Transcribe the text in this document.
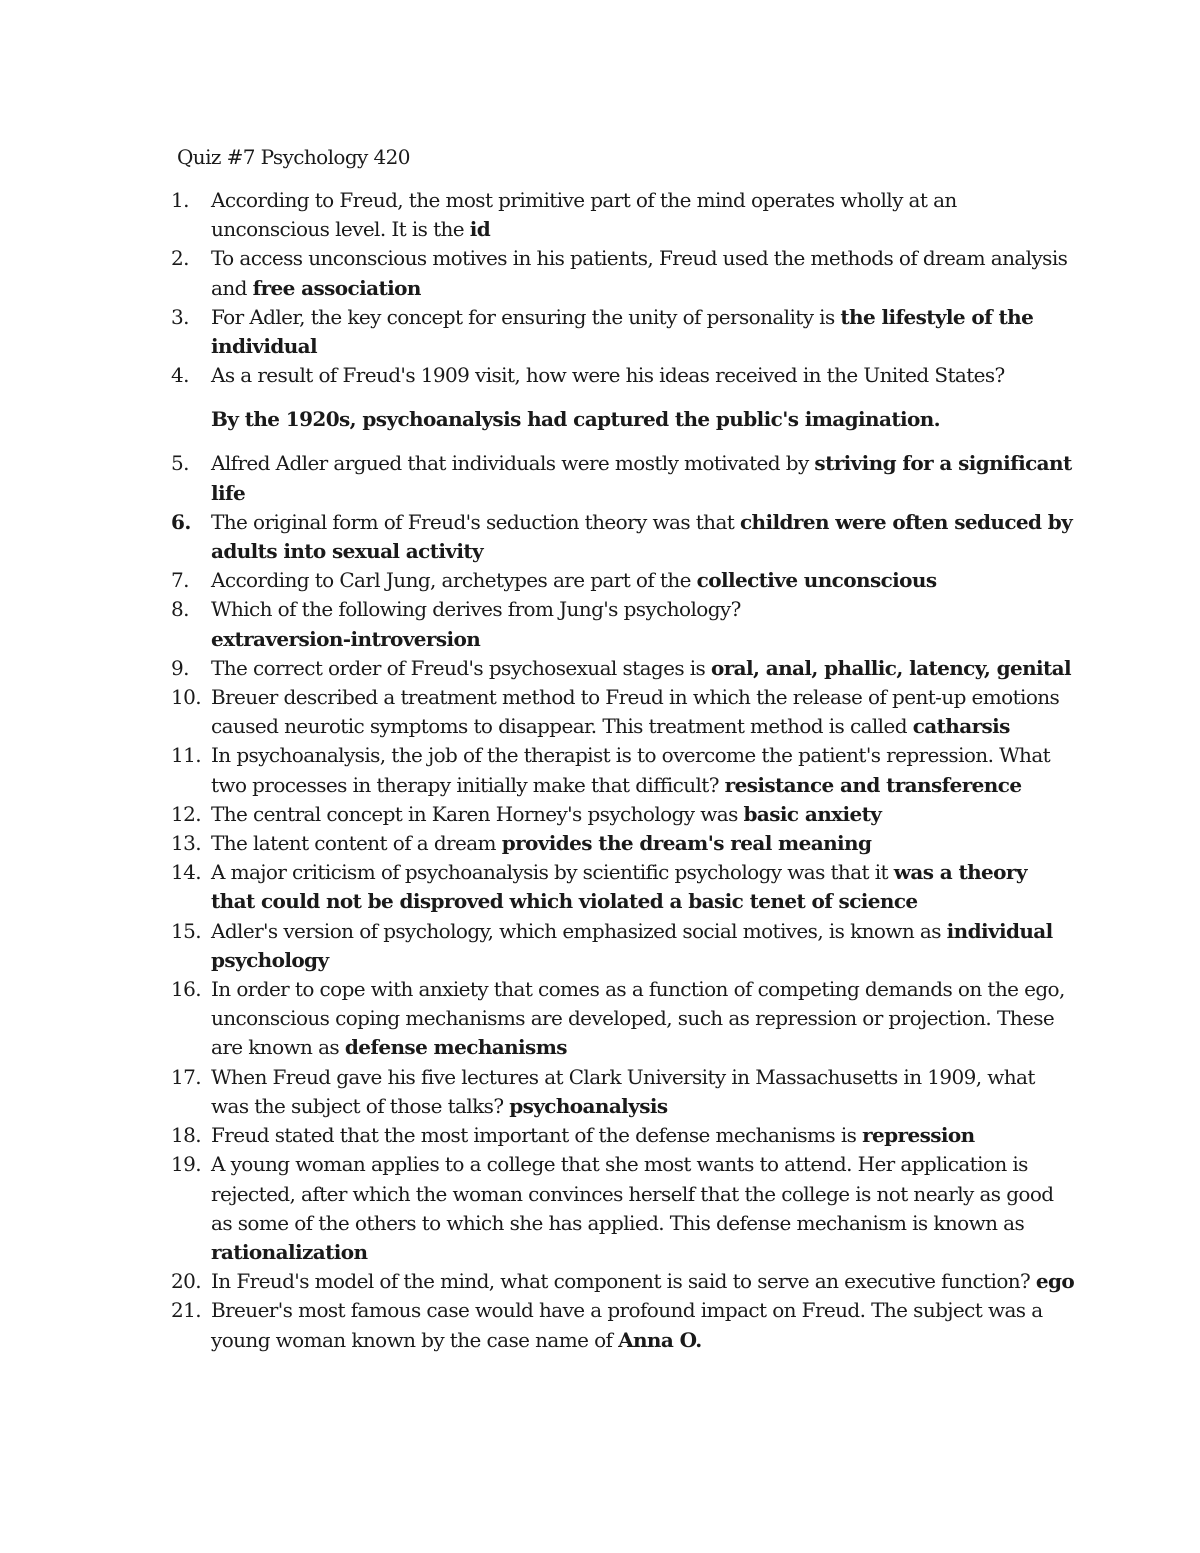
Quiz #7 Psychology 420
1. According to Freud, the most primitive part of the mind operates wholly at an
unconscious level. It is the id
2. To access unconscious motives in his patients, Freud used the methods of dream analysis
and free association
3. For Adler, the key concept for ensuring the unity of personality is the lifestyle of the
individual
4. As a result of Freud's 1909 visit, how were his ideas received in the United States?
By the 1920s, psychoanalysis had captured the public's imagination.
5. Alfred Adler argued that individuals were mostly motivated by striving for a significant
life
6. The original form of Freud's seduction theory was that children were often seduced by
adults into sexual activity
7. According to Carl Jung, archetypes are part of the collective unconscious
8. Which of the following derives from Jung's psychology?
extraversion-introversion
9. The correct order of Freud's psychosexual stages is oral, anal, phallic, latency, genital
10. Breuer described a treatment method to Freud in which the release of pent-up emotions
caused neurotic symptoms to disappear. This treatment method is called catharsis
11. In psychoanalysis, the job of the therapist is to overcome the patient's repression. What
two processes in therapy initially make that difficult? resistance and transference
12. The central concept in Karen Horney's psychology was basic anxiety
13. The latent content of a dream provides the dream's real meaning
14. A major criticism of psychoanalysis by scientific psychology was that it was a theory
that could not be disproved which violated a basic tenet of science
15. Adler's version of psychology, which emphasized social motives, is known as individual
psychology
16. In order to cope with anxiety that comes as a function of competing demands on the ego,
unconscious coping mechanisms are developed, such as repression or projection. These
are known as defense mechanisms
17. When Freud gave his five lectures at Clark University in Massachusetts in 1909, what
was the subject of those talks? psychoanalysis
18. Freud stated that the most important of the defense mechanisms is repression
19. A young woman applies to a college that she most wants to attend. Her application is
rejected, after which the woman convinces herself that the college is not nearly as good
as some of the others to which she has applied. This defense mechanism is known as
rationalization
20. In Freud's model of the mind, what component is said to serve an executive function? ego
21. Breuer's most famous case would have a profound impact on Freud. The subject was a
young woman known by the case name of Anna O.
